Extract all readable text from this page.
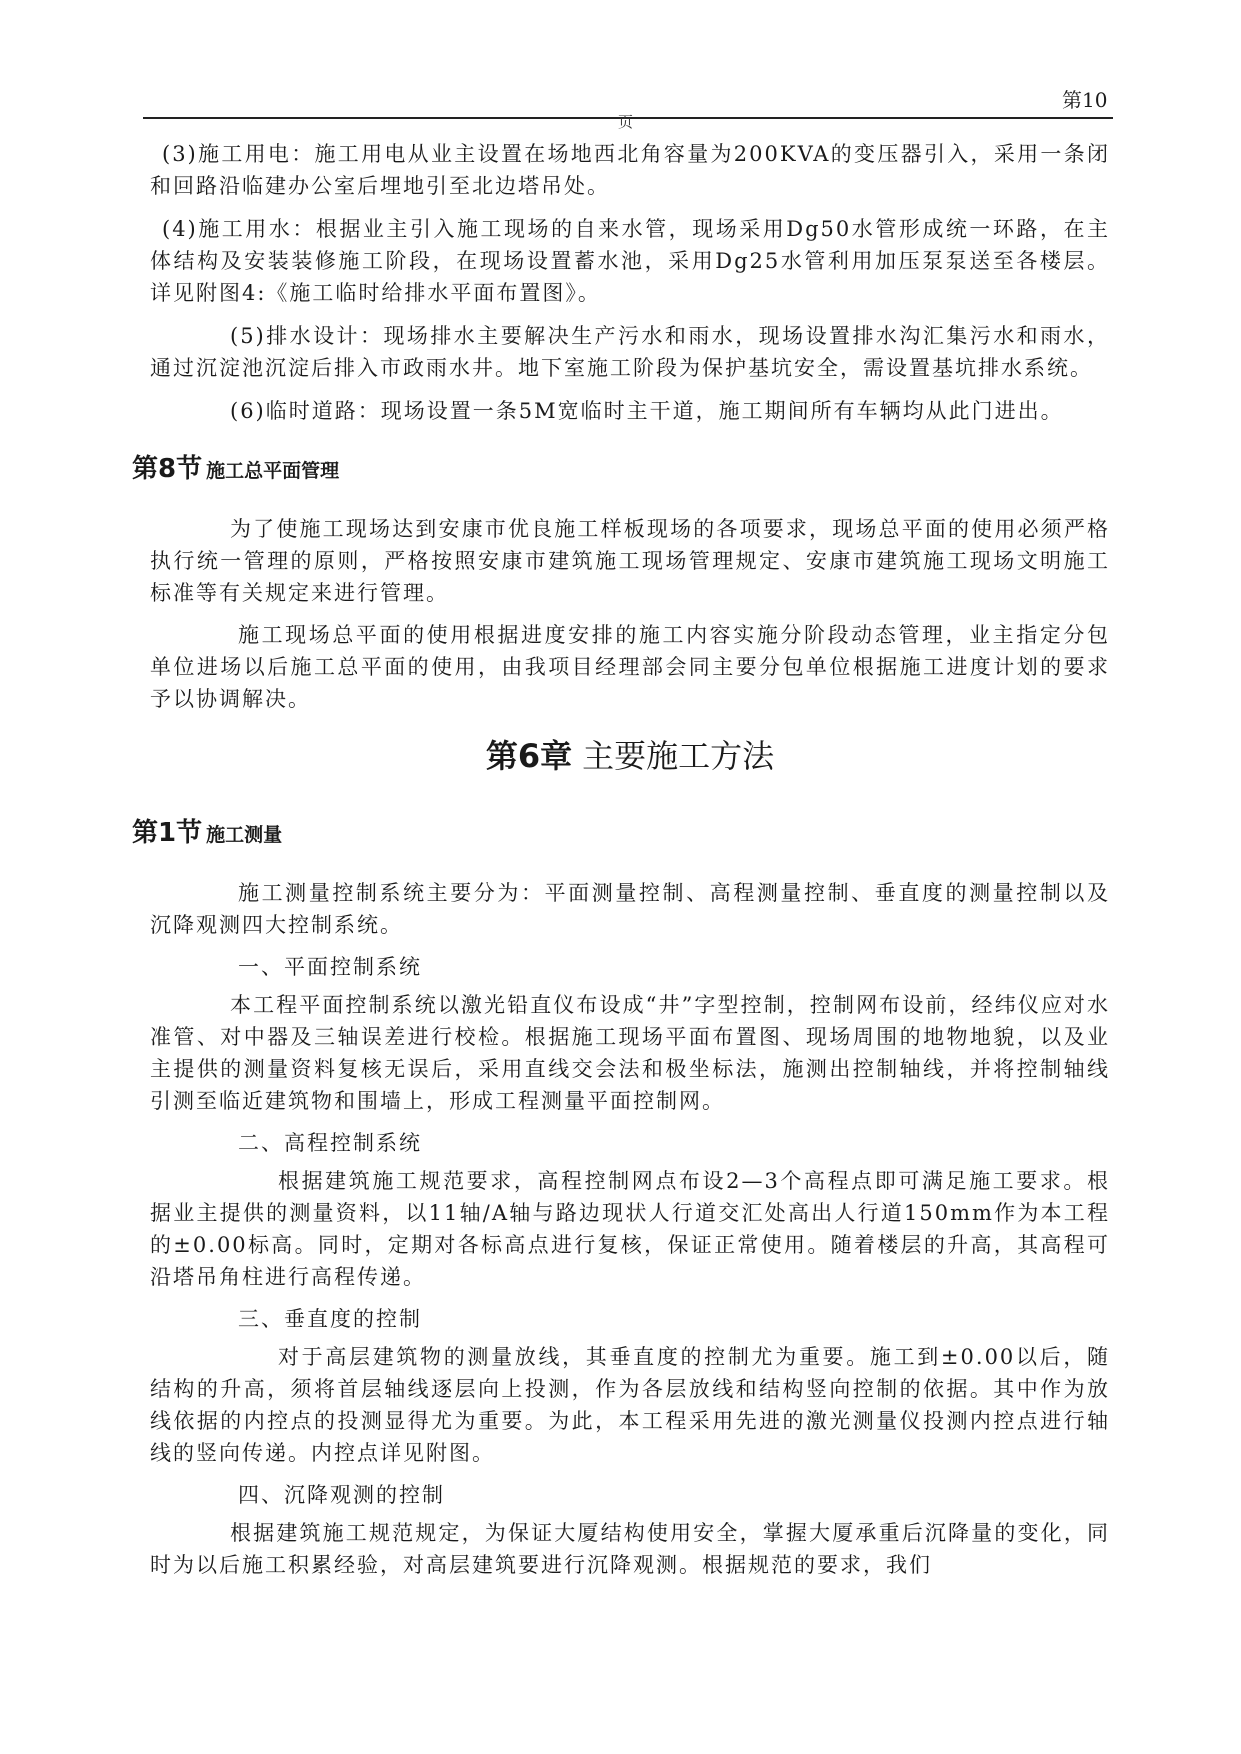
第10
页

(3)施工用电：施工用电从业主设置在场地西北角容量为200KVA的变压器引入，采用一条闭和回路沿临建办公室后埋地引至北边塔吊处。

(4)施工用水：根据业主引入施工现场的自来水管，现场采用Dg50水管形成统一环路，在主体结构及安装装修施工阶段，在现场设置蓄水池，采用Dg25水管利用加压泵泵送至各楼层。详见附图4:《施工临时给排水平面布置图》。

(5)排水设计：现场排水主要解决生产污水和雨水，现场设置排水沟汇集污水和雨水，通过沉淀池沉淀后排入市政雨水井。地下室施工阶段为保护基坑安全，需设置基坑排水系统。

(6)临时道路：现场设置一条5M宽临时主干道，施工期间所有车辆均从此门进出。

第8节 施工总平面管理

为了使施工现场达到安康市优良施工样板现场的各项要求，现场总平面的使用必须严格执行统一管理的原则，严格按照安康市建筑施工现场管理规定、安康市建筑施工现场文明施工标准等有关规定来进行管理。

施工现场总平面的使用根据进度安排的施工内容实施分阶段动态管理，业主指定分包单位进场以后施工总平面的使用，由我项目经理部会同主要分包单位根据施工进度计划的要求予以协调解决。

第6章 主要施工方法
第1节 施工测量

施工测量控制系统主要分为：平面测量控制、高程测量控制、垂直度的测量控制以及沉降观测四大控制系统。

一、平面控制系统

本工程平面控制系统以激光铅直仪布设成“井”字型控制，控制网布设前，经纬仪应对水准管、对中器及三轴误差进行校检。根据施工现场平面布置图、现场周围的地物地貌，以及业主提供的测量资料复核无误后，采用直线交会法和极坐标法，施测出控制轴线，并将控制轴线引测至临近建筑物和围墙上，形成工程测量平面控制网。

二、高程控制系统

根据建筑施工规范要求，高程控制网点布设2—3个高程点即可满足施工要求。根据业主提供的测量资料，以11轴/A轴与路边现状人行道交汇处高出人行道150mm作为本工程的±0.00标高。同时，定期对各标高点进行复核，保证正常使用。随着楼层的升高，其高程可沿塔吊角柱进行高程传递。

三、垂直度的控制

对于高层建筑物的测量放线，其垂直度的控制尤为重要。施工到±0.00以后，随结构的升高，须将首层轴线逐层向上投测，作为各层放线和结构竖向控制的依据。其中作为放线依据的内控点的投测显得尤为重要。为此，本工程采用先进的激光测量仪投测内控点进行轴线的竖向传递。内控点详见附图。

四、沉降观测的控制

根据建筑施工规范规定，为保证大厦结构使用安全，掌握大厦承重后沉降量的变化，同时为以后施工积累经验，对高层建筑要进行沉降观测。根据规范的要求，我们
